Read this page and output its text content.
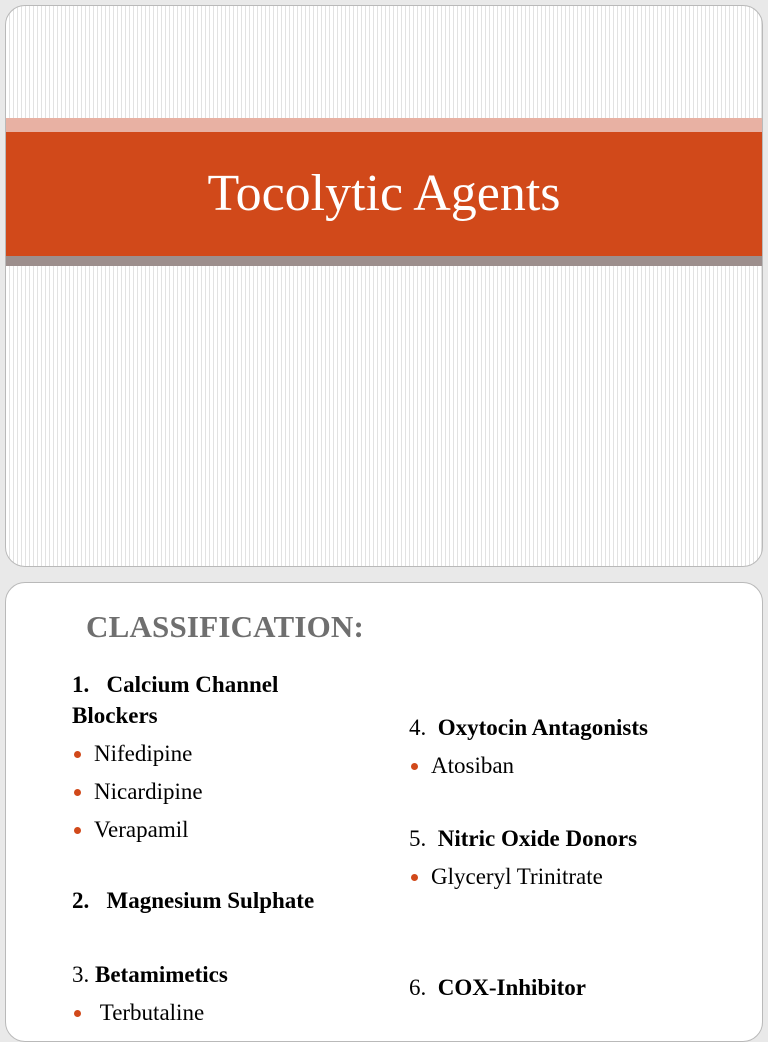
Tocolytic Agents
CLASSIFICATION:
1. Calcium Channel Blockers
Nifedipine
Nicardipine
Verapamil
2. Magnesium Sulphate
3. Betamimetics
Terbutaline
4. Oxytocin Antagonists
Atosiban
5. Nitric Oxide Donors
Glyceryl Trinitrate
6. COX-Inhibitor
